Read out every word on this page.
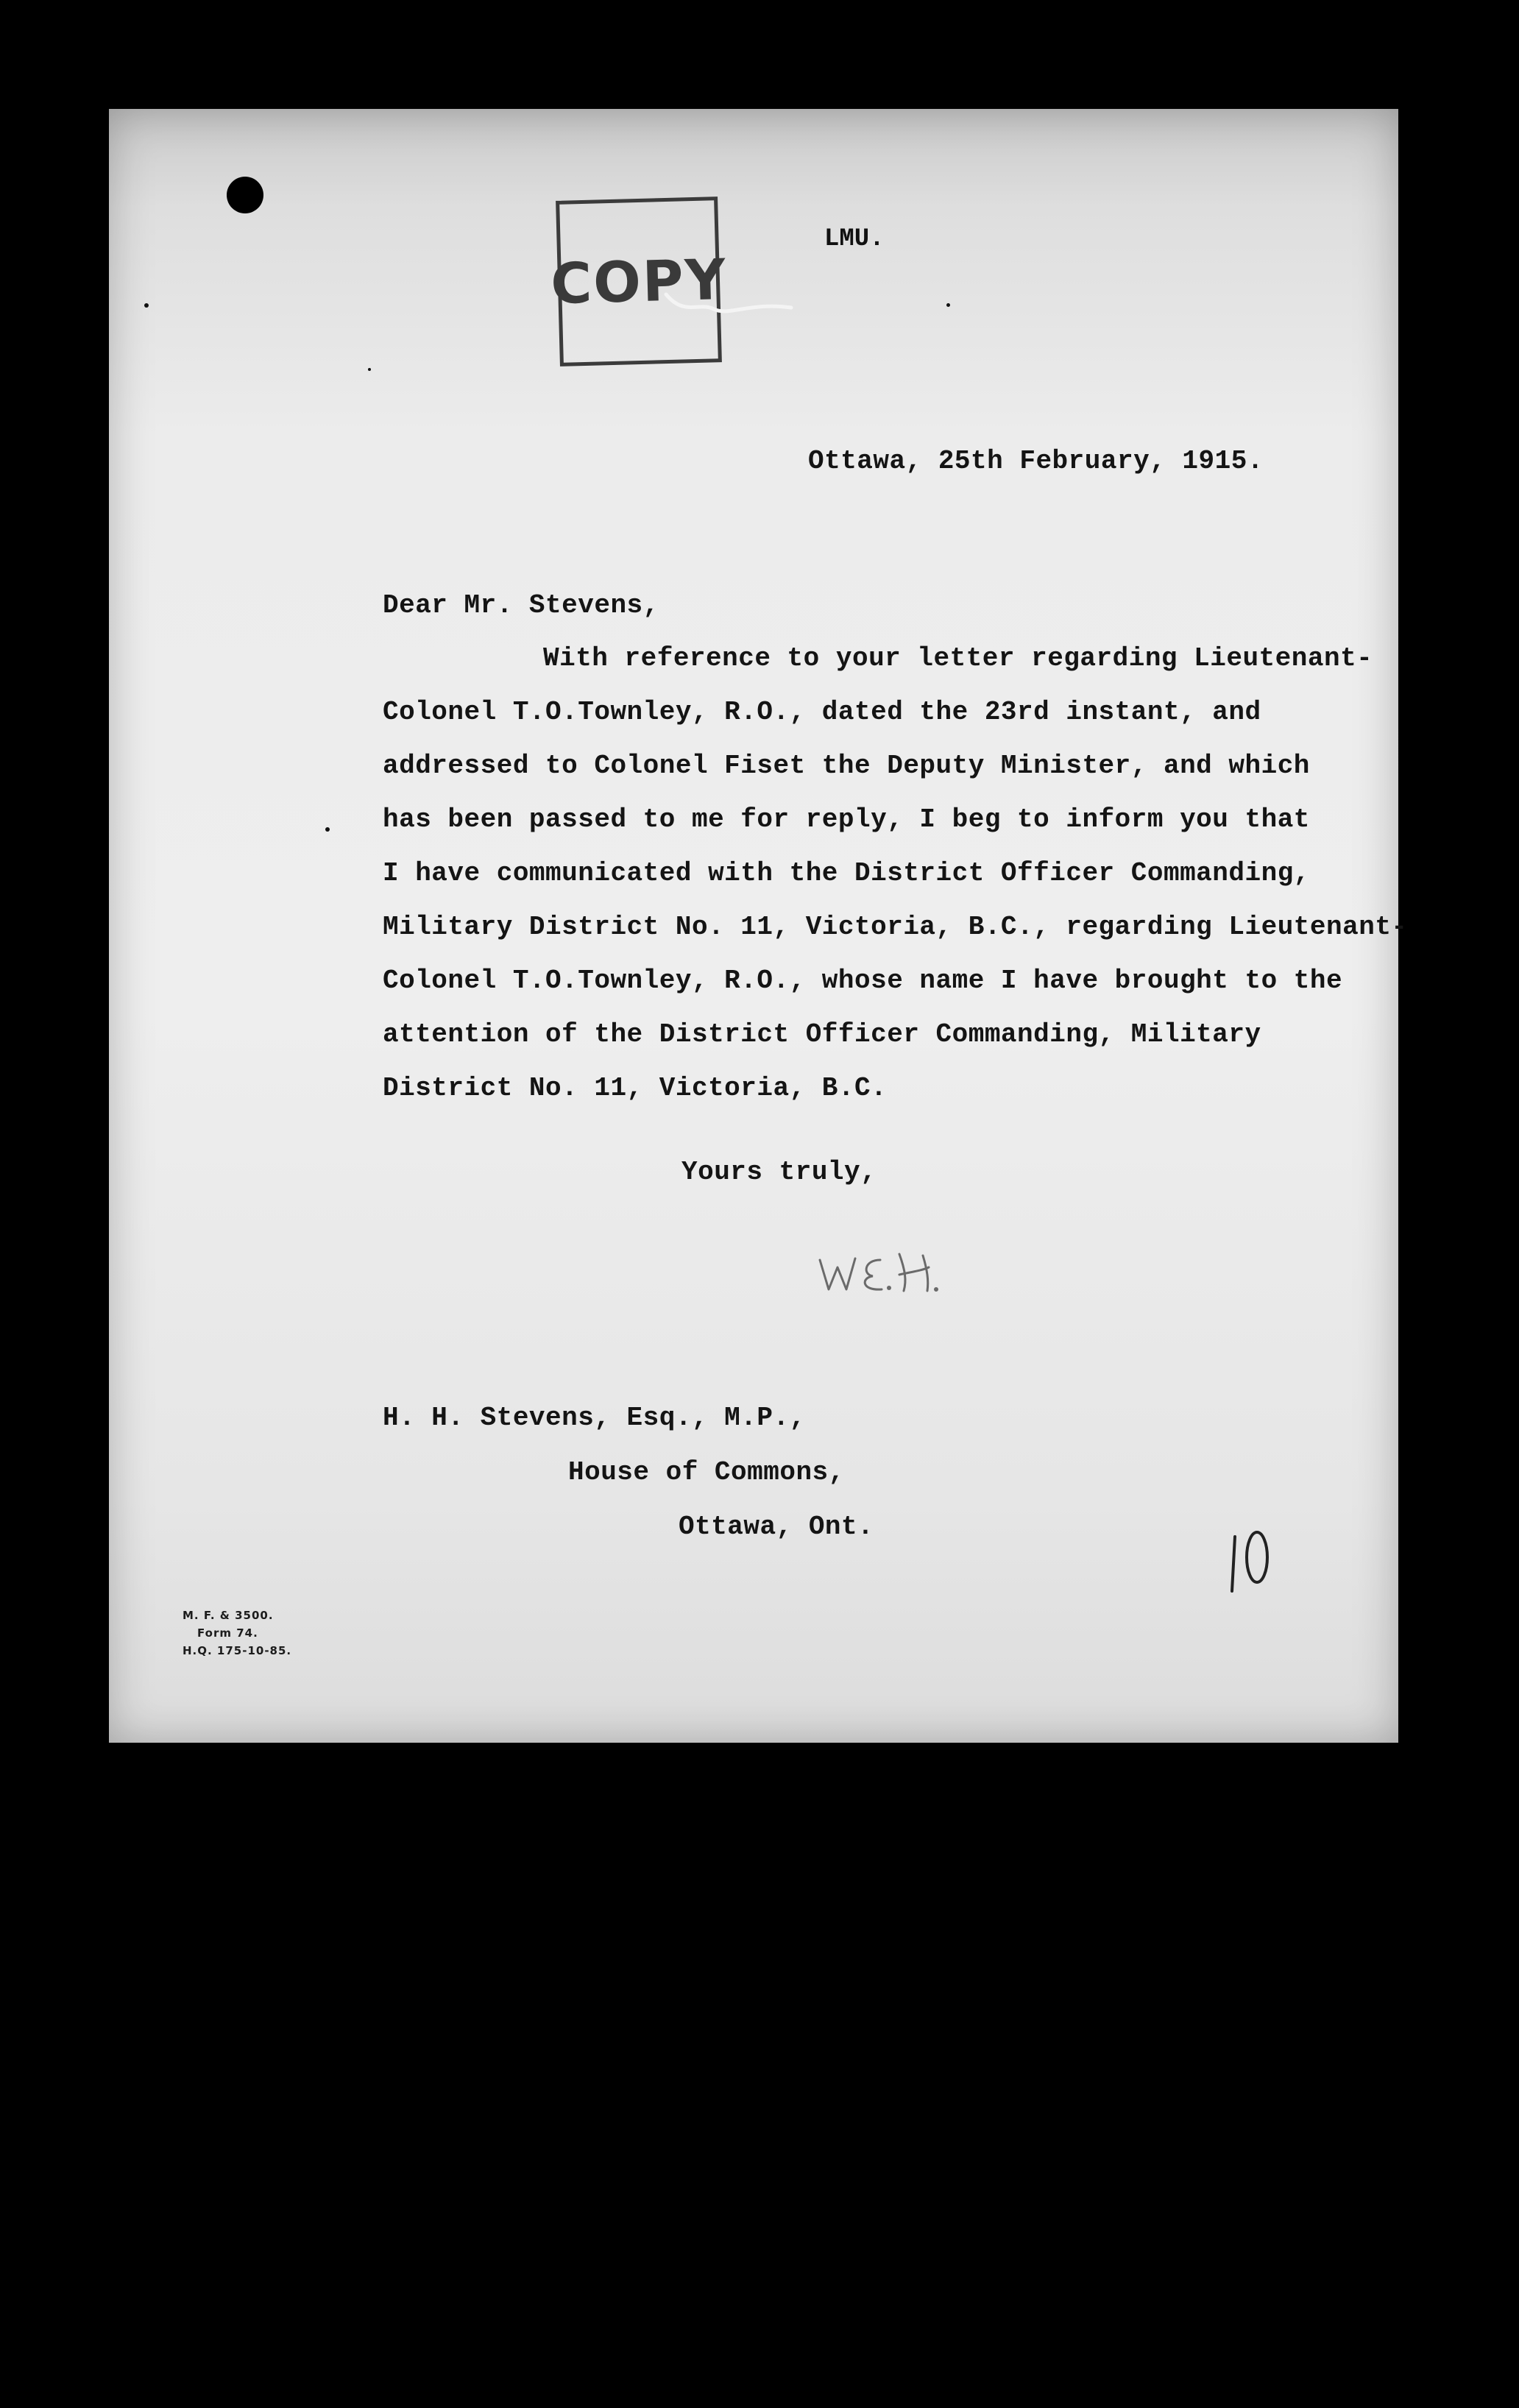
COPY
LMU.
Ottawa, 25th February, 1915.
Dear Mr. Stevens,
With reference to your letter regarding Lieutenant-
Colonel T.O.Townley, R.O., dated the 23rd instant, and
addressed to Colonel Fiset the Deputy Minister, and which
has been passed to me for reply, I beg to inform you that
I have communicated with the District Officer Commanding,
Military District No. 11, Victoria, B.C., regarding Lieutenant-
Colonel T.O.Townley, R.O., whose name I have brought to the
attention of the District Officer Commanding, Military
District No. 11, Victoria, B.C.
Yours truly,
H. H. Stevens, Esq., M.P.,
House of Commons,
Ottawa, Ont.
M. F. & 3500.
Form 74.
H.Q. 175-10-85.
